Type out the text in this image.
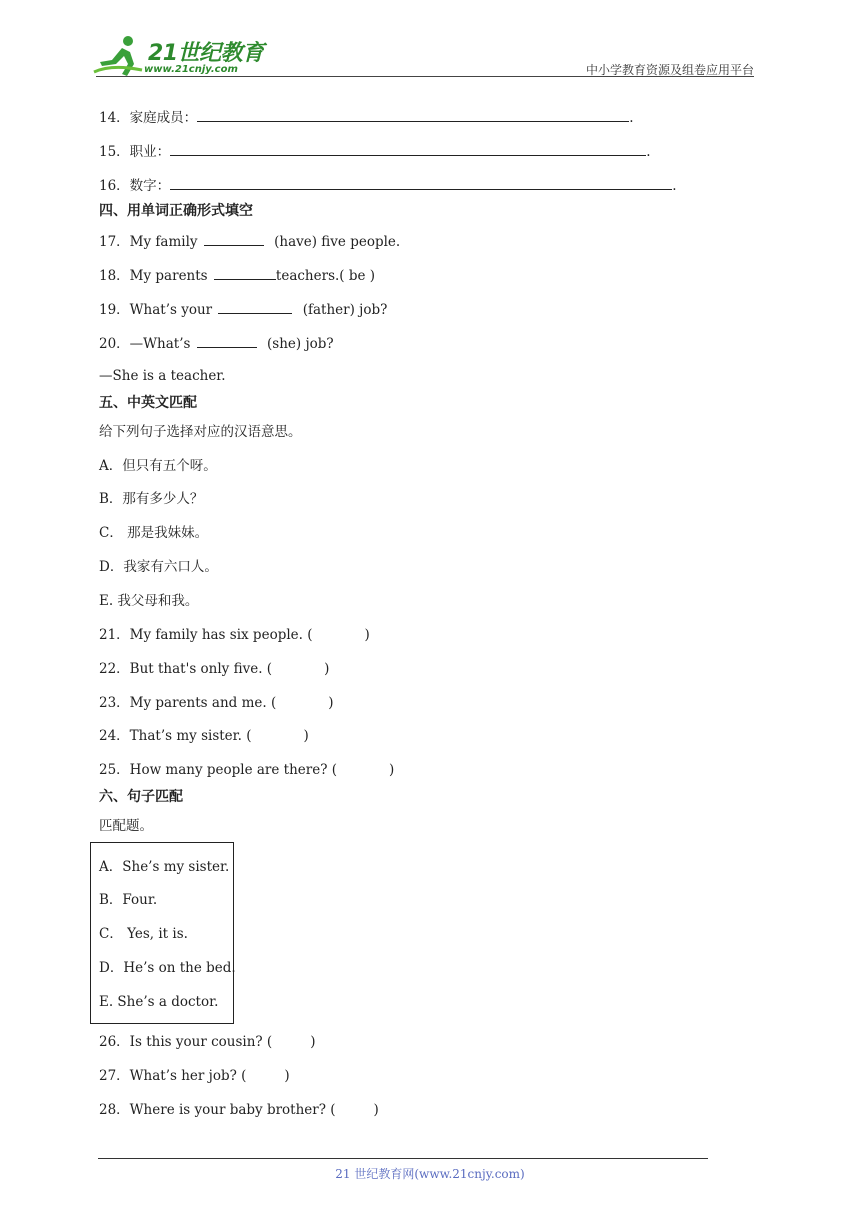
21世纪教育
www.21cnjy.com	中小学教育资源及组卷应用平台
14．家庭成员：	.
15．职业：	.
16．数字：	.
四、用单词正确形式填空
17．My family	(have) five people.
18．My parents	teachers.( be )
19．What’s your	(father) job?
20．—What’s	(she) job?
—She is a teacher.
五、中英文匹配
给下列句子选择对应的汉语意思。
A．但只有五个呀。
B．那有多少人？
C． 那是我妹妹。
D．我家有六口人。
E. 我父母和我。
21．My family has six people. (	)
22．But that's only five. (	)
23．My parents and me. (	)
24．That’s my sister. (	)
25．How many people are there? (	)
六、句子匹配
匹配题。
A．She’s my sister.
B．Four.
C． Yes, it is.
D．He’s on the bed.
E. She’s a doctor.
26．Is this your cousin? (	)
27．What’s her job? (	)
28．Where is your baby brother? (	)
21 世纪教育网(www.21cnjy.com)
